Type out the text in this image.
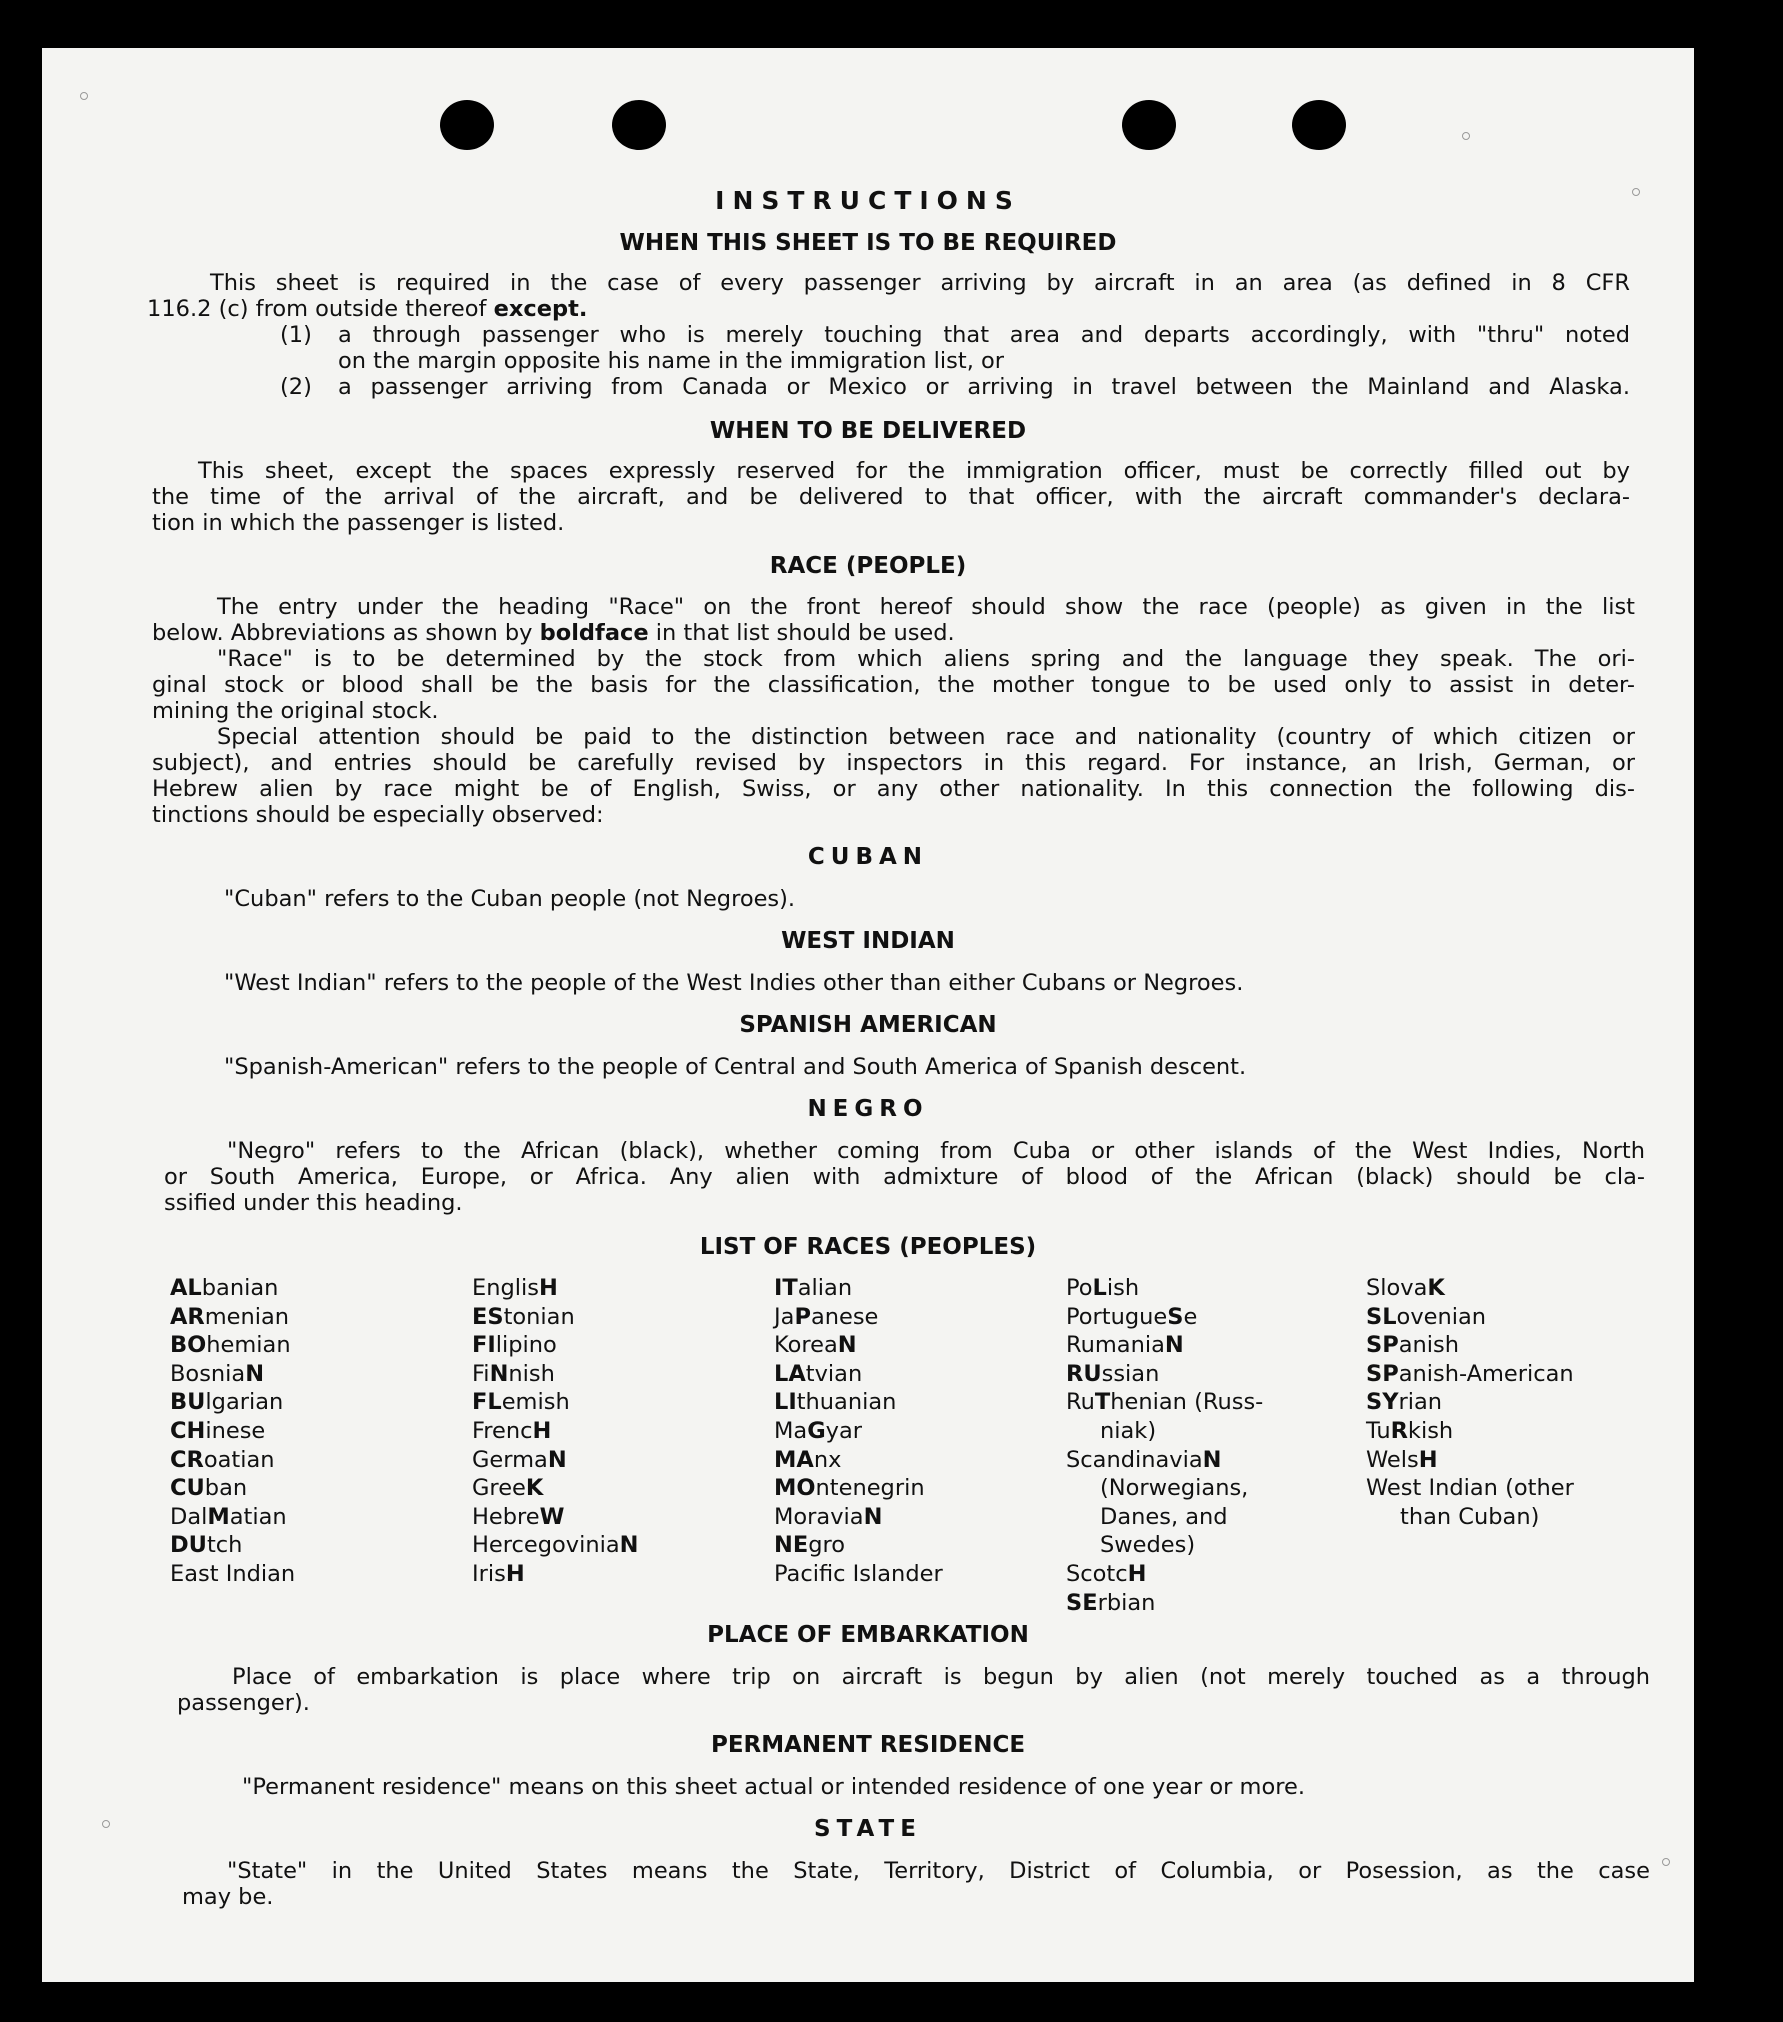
INSTRUCTIONS
WHEN THIS SHEET IS TO BE REQUIRED

This sheet is required in the case of every passenger arriving by aircraft in an area (as defined in 8 CFR

116.2 (c) from outside thereof except.

(1) a through passenger who is merely touching that area and departs accordingly, with "thru" noted

on the margin opposite his name in the immigration list, or

(2) a passenger arriving from Canada or Mexico or arriving in travel between the Mainland and Alaska.

WHEN TO BE DELIVERED

This sheet, except the spaces expressly reserved for the immigration officer, must be correctly filled out by

the time of the arrival of the aircraft, and be delivered to that officer, with the aircraft commander's declara-

tion in which the passenger is listed.

RACE (PEOPLE)

The entry under the heading "Race" on the front hereof should show the race (people) as given in the list

below. Abbreviations as shown by boldface in that list should be used.

"Race" is to be determined by the stock from which aliens spring and the language they speak. The ori-

ginal stock or blood shall be the basis for the classification, the mother tongue to be used only to assist in deter-

mining the original stock.

Special attention should be paid to the distinction between race and nationality (country of which citizen or

subject), and entries should be carefully revised by inspectors in this regard. For instance, an Irish, German, or

Hebrew alien by race might be of English, Swiss, or any other nationality. In this connection the following dis-

tinctions should be especially observed:

CUBAN

"Cuban" refers to the Cuban people (not Negroes).

WEST INDIAN

"West Indian" refers to the people of the West Indies other than either Cubans or Negroes.

SPANISH AMERICAN

"Spanish-American" refers to the people of Central and South America of Spanish descent.

NEGRO

"Negro" refers to the African (black), whether coming from Cuba or other islands of the West Indies, North

or South America, Europe, or Africa. Any alien with admixture of blood of the African (black) should be cla-

ssified under this heading.

LIST OF RACES (PEOPLES)
ALbanian
ARmenian
BOhemian
BosniaN
BUlgarian
CHinese
CRoatian
CUban
DalMatian
DUtch
East Indian
EnglisH
EStonian
FIlipino
FiNnish
FLemish
FrencH
GermaN
GreeK
HebreW
HercegoviniaN
IrisH
ITalian
JaPanese
KoreaN
LAtvian
LIthuanian
MaGyar
MAnx
MOntenegrin
MoraviaN
NEgro
Pacific Islander
PoLish
PortugueSe
RumaniaN
RUssian
RuThenian (Russ-
niak)
ScandinaviaN
(Norwegians,
Danes, and
Swedes)
ScotcH
SErbian
SlovaK
SLovenian
SPanish
SPanish-American
SYrian
TuRkish
WelsH
West Indian (other
than Cuban)
PLACE OF EMBARKATION

Place of embarkation is place where trip on aircraft is begun by alien (not merely touched as a through

passenger).

PERMANENT RESIDENCE

"Permanent residence" means on this sheet actual or intended residence of one year or more.

STATE

"State" in the United States means the State, Territory, District of Columbia, or Posession, as the case

may be.
